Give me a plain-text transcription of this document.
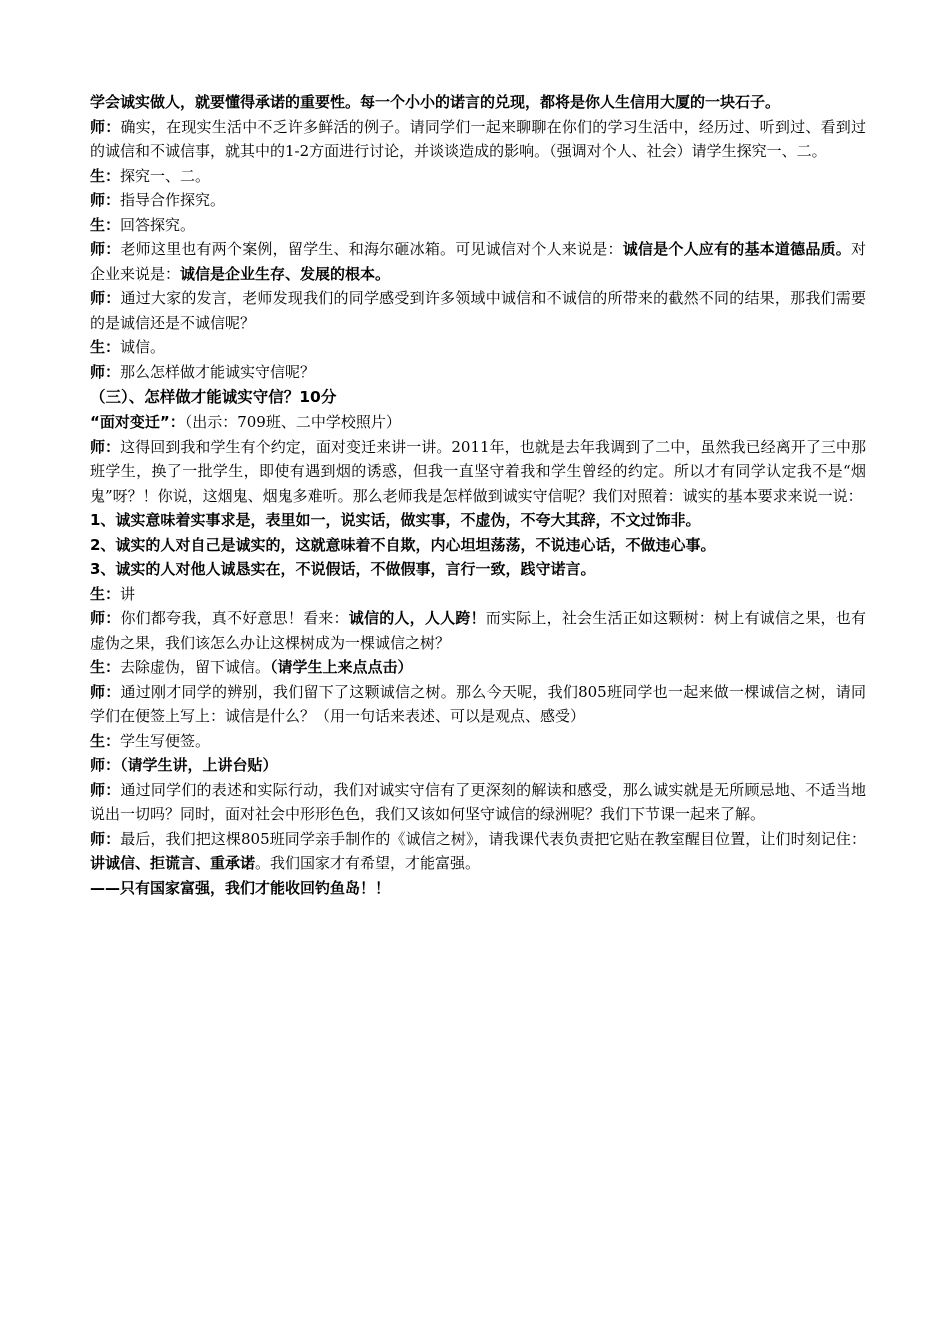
学会诚实做人，就要懂得承诺的重要性。每一个小小的诺言的兑现，都将是你人生信用大厦的一块石子。

师：确实，在现实生活中不乏许多鲜活的例子。请同学们一起来聊聊在你们的学习生活中，经历过、听到过、看到过的诚信和不诚信事，就其中的1-2方面进行讨论，并谈谈造成的影响。（强调对个人、社会）请学生探究一、二。

生：探究一、二。

师：指导合作探究。

生：回答探究。

师：老师这里也有两个案例，留学生、和海尔砸冰箱。可见诚信对个人来说是：诚信是个人应有的基本道德品质。对企业来说是：诚信是企业生存、发展的根本。

师：通过大家的发言，老师发现我们的同学感受到许多领域中诚信和不诚信的所带来的截然不同的结果，那我们需要的是诚信还是不诚信呢？

生：诚信。

师：那么怎样做才能诚实守信呢？

（三）、怎样做才能诚实守信？10分

“面对变迁”：（出示：709班、二中学校照片）

师：这得回到我和学生有个约定，面对变迁来讲一讲。2011年，也就是去年我调到了二中，虽然我已经离开了三中那班学生，换了一批学生，即使有遇到烟的诱惑，但我一直坚守着我和学生曾经的约定。所以才有同学认定我不是“烟鬼”呀？！你说，这烟鬼、烟鬼多难听。那么老师我是怎样做到诚实守信呢？我们对照着：诚实的基本要求来说一说：

1、诚实意味着实事求是，表里如一，说实话，做实事，不虚伪，不夸大其辞，不文过饰非。

2、诚实的人对自己是诚实的，这就意味着不自欺，内心坦坦荡荡，不说违心话，不做违心事。

3、诚实的人对他人诚恳实在，不说假话，不做假事，言行一致，践守诺言。

生：讲

师：你们都夸我，真不好意思！看来：诚信的人，人人跨！而实际上，社会生活正如这颗树：树上有诚信之果，也有虚伪之果，我们该怎么办让这棵树成为一棵诚信之树？

生：去除虚伪，留下诚信。（请学生上来点点击）

师：通过刚才同学的辨别，我们留下了这颗诚信之树。那么今天呢，我们805班同学也一起来做一棵诚信之树，请同学们在便签上写上：诚信是什么？（用一句话来表述、可以是观点、感受）

生：学生写便签。

师：（请学生讲，上讲台贴）

师：通过同学们的表述和实际行动，我们对诚实守信有了更深刻的解读和感受，那么诚实就是无所顾忌地、不适当地说出一切吗？同时，面对社会中形形色色，我们又该如何坚守诚信的绿洲呢？我们下节课一起来了解。

师：最后，我们把这棵805班同学亲手制作的《诚信之树》，请我课代表负责把它贴在教室醒目位置，让们时刻记住：讲诚信、拒谎言、重承诺。我们国家才有希望，才能富强。

——只有国家富强，我们才能收回钓鱼岛！！
